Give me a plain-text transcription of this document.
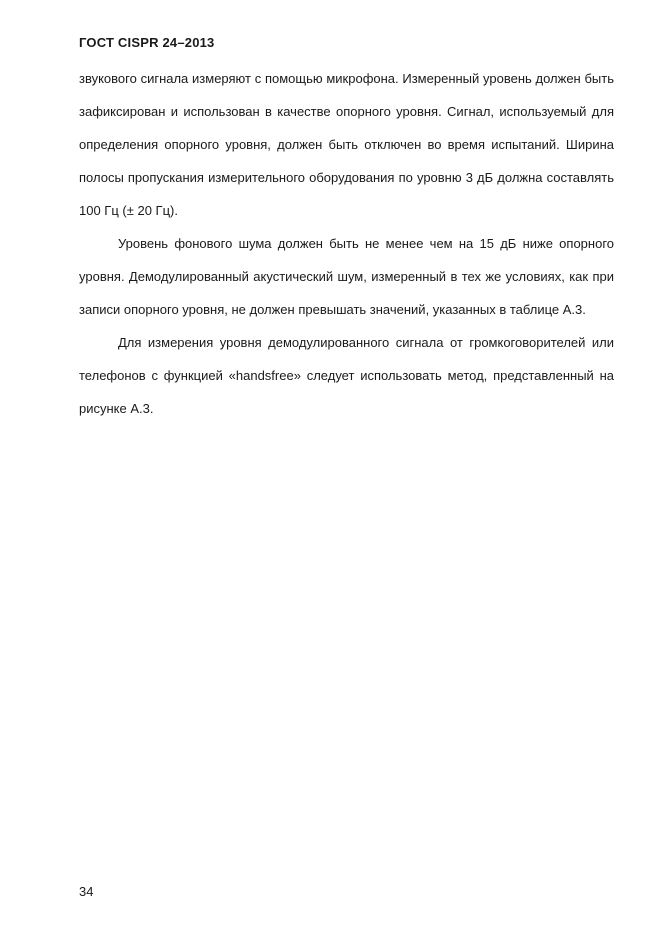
ГОСТ CISPR 24–2013

звукового сигнала измеряют с помощью микрофона. Измеренный уровень должен быть зафиксирован и использован в качестве опорного уровня. Сигнал, используемый для определения опорного уровня, должен быть отключен во время испытаний. Ширина полосы пропускания измерительного оборудования по уровню 3 дБ должна составлять 100 Гц (± 20 Гц).

Уровень фонового шума должен быть не менее чем на 15 дБ ниже опорного уровня. Демодулированный акустический шум, измеренный в тех же условиях, как при записи опорного уровня, не должен превышать значений, указанных в таблице А.3.

Для измерения уровня демодулированного сигнала от громкоговорителей или телефонов с функцией «handsfree» следует использовать метод, представленный на рисунке А.3.

34
